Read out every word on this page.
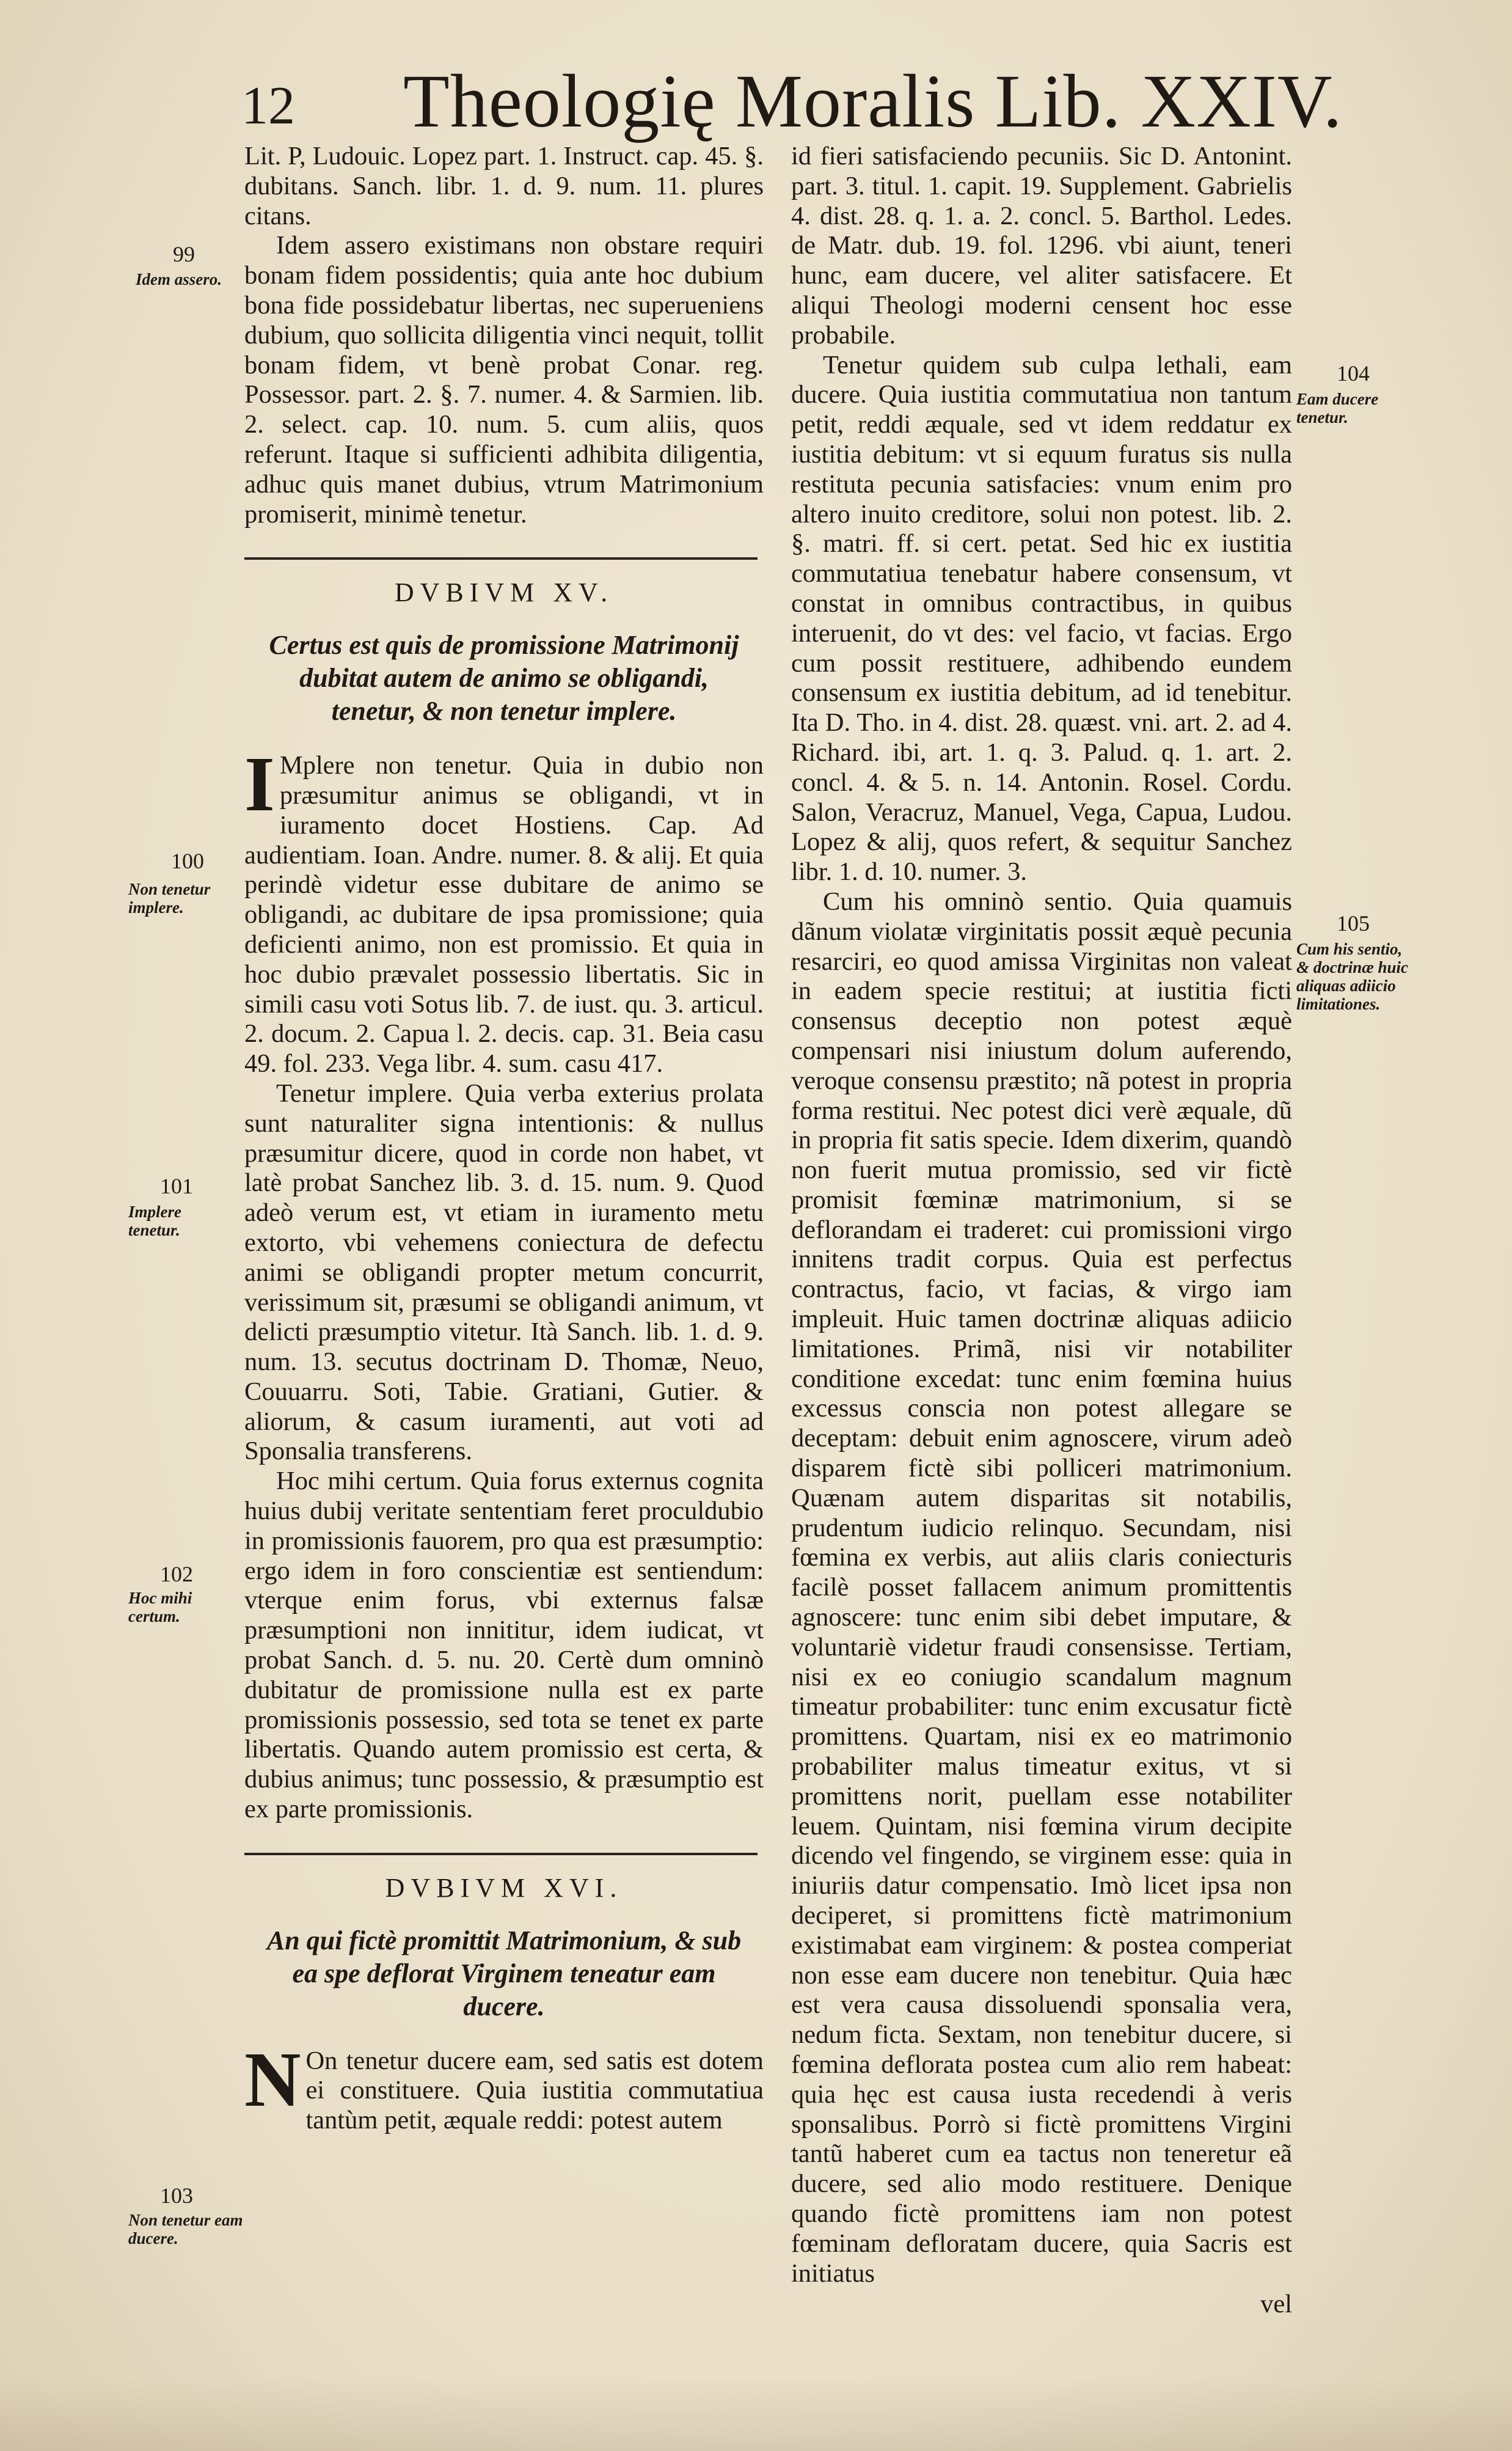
12 Theologię Moralis Lib. XXIV.
99
Idem assero.
100
Non tenetur implere.
101
Implere tenetur.
102
Hoc mihi certum.
103
Non tenetur eam ducere.
104
Eam ducere tenetur.
105
Cum his sentio, & doctrinæ huic aliquas adiicio limitationes.

Lit. P, Ludouic. Lopez part. 1. Instruct. cap. 45. §. dubitans. Sanch. libr. 1. d. 9. num. 11. plures citans.

Idem assero existimans non obstare requiri bonam fidem possidentis; quia ante hoc dubium bona fide possidebatur libertas, nec superueniens dubium, quo sollicita diligentia vinci nequit, tollit bonam fidem, vt benè probat Conar. reg. Possessor. part. 2. §. 7. numer. 4. & Sarmien. lib. 2. select. cap. 10. num. 5. cum aliis, quos referunt. Itaque si sufficienti adhibita diligentia, adhuc quis manet dubius, vtrum Matrimonium promiserit, minimè tenetur.

DVBIVM XV.
Certus est quis de promissione Matrimonij dubitat autem de animo se obligandi, tenetur, & non tenetur implere.

I Mplere non tenetur. Quia in dubio non præsumitur animus se obligandi, vt in iuramento docet Hostiens. Cap. Ad audientiam. Ioan. Andre. numer. 8. & alij. Et quia perindè videtur esse dubitare de animo se obligandi, ac dubitare de ipsa promissione; quia deficienti animo, non est promissio. Et quia in hoc dubio prævalet possessio libertatis. Sic in simili casu voti Sotus lib. 7. de iust. qu. 3. articul. 2. docum. 2. Capua l. 2. decis. cap. 31. Beia casu 49. fol. 233. Vega libr. 4. sum. casu 417.

Tenetur implere. Quia verba exterius prolata sunt naturaliter signa intentionis: & nullus præsumitur dicere, quod in corde non habet, vt latè probat Sanchez lib. 3. d. 15. num. 9. Quod adeò verum est, vt etiam in iuramento metu extorto, vbi vehemens coniectura de defectu animi se obligandi propter metum concurrit, verissimum sit, præsumi se obligandi animum, vt delicti præsumptio vitetur. Ità Sanch. lib. 1. d. 9. num. 13. secutus doctrinam D. Thomæ, Neuo, Couuarru. Soti, Tabie. Gratiani, Gutier. & aliorum, & casum iuramenti, aut voti ad Sponsalia transferens.

Hoc mihi certum. Quia forus externus cognita huius dubij veritate sententiam feret proculdubio in promissionis fauorem, pro qua est præsumptio: ergo idem in foro conscientiæ est sentiendum: vterque enim forus, vbi externus falsæ præsumptioni non innititur, idem iudicat, vt probat Sanch. d. 5. nu. 20. Certè dum omninò dubitatur de promissione nulla est ex parte promissionis possessio, sed tota se tenet ex parte libertatis. Quando autem promissio est certa, & dubius animus; tunc possessio, & præsumptio est ex parte promissionis.

DVBIVM XVI.
An qui fictè promittit Matrimonium, & sub ea spe deflorat Virginem teneatur eam ducere.

N On tenetur ducere eam, sed satis est dotem ei constituere. Quia iustitia commutatiua tantùm petit, æquale reddi: potest autem

id fieri satisfaciendo pecuniis. Sic D. Antonint. part. 3. titul. 1. capit. 19. Supplement. Gabrielis 4. dist. 28. q. 1. a. 2. concl. 5. Barthol. Ledes. de Matr. dub. 19. fol. 1296. vbi aiunt, teneri hunc, eam ducere, vel aliter satisfacere. Et aliqui Theologi moderni censent hoc esse probabile.

Tenetur quidem sub culpa lethali, eam ducere. Quia iustitia commutatiua non tantum petit, reddi æquale, sed vt idem reddatur ex iustitia debitum: vt si equum furatus sis nulla restituta pecunia satisfacies: vnum enim pro altero inuito creditore, solui non potest. lib. 2. §. matri. ff. si cert. petat. Sed hic ex iustitia commutatiua tenebatur habere consensum, vt constat in omnibus contractibus, in quibus interuenit, do vt des: vel facio, vt facias. Ergo cum possit restituere, adhibendo eundem consensum ex iustitia debitum, ad id tenebitur. Ita D. Tho. in 4. dist. 28. quæst. vni. art. 2. ad 4. Richard. ibi, art. 1. q. 3. Palud. q. 1. art. 2. concl. 4. & 5. n. 14. Antonin. Rosel. Cordu. Salon, Veracruz, Manuel, Vega, Capua, Ludou. Lopez & alij, quos refert, & sequitur Sanchez libr. 1. d. 10. numer. 3.

Cum his omninò sentio. Quia quamuis dãnum violatæ virginitatis possit æquè pecunia resarciri, eo quod amissa Virginitas non valeat in eadem specie restitui; at iustitia ficti consensus deceptio non potest æquè compensari nisi iniustum dolum auferendo, veroque consensu præstito; nã potest in propria forma restitui. Nec potest dici verè æquale, dũ in propria fit satis specie. Idem dixerim, quandò non fuerit mutua promissio, sed vir fictè promisit fœminæ matrimonium, si se deflorandam ei traderet: cui promissioni virgo innitens tradit corpus. Quia est perfectus contractus, facio, vt facias, & virgo iam impleuit. Huic tamen doctrinæ aliquas adiicio limitationes. Primã, nisi vir notabiliter conditione excedat: tunc enim fœmina huius excessus conscia non potest allegare se deceptam: debuit enim agnoscere, virum adeò disparem fictè sibi polliceri matrimonium. Quænam autem disparitas sit notabilis, prudentum iudicio relinquo. Secundam, nisi fœmina ex verbis, aut aliis claris coniecturis facilè posset fallacem animum promittentis agnoscere: tunc enim sibi debet imputare, & voluntariè videtur fraudi consensisse. Tertiam, nisi ex eo coniugio scandalum magnum timeatur probabiliter: tunc enim excusatur fictè promittens. Quartam, nisi ex eo matrimonio probabiliter malus timeatur exitus, vt si promittens norit, puellam esse notabiliter leuem. Quintam, nisi fœmina virum decipite dicendo vel fingendo, se virginem esse: quia in iniuriis datur compensatio. Imò licet ipsa non deciperet, si promittens fictè matrimonium existimabat eam virginem: & postea comperiat non esse eam ducere non tenebitur. Quia hæc est vera causa dissoluendi sponsalia vera, nedum ficta. Sextam, non tenebitur ducere, si fœmina deflorata postea cum alio rem habeat: quia hęc est causa iusta recedendi à veris sponsalibus. Porrò si fictè promittens Virgini tantũ haberet cum ea tactus non teneretur eã ducere, sed alio modo restituere. Denique quando fictè promittens iam non potest fœminam defloratam ducere, quia Sacris est initiatus

vel
